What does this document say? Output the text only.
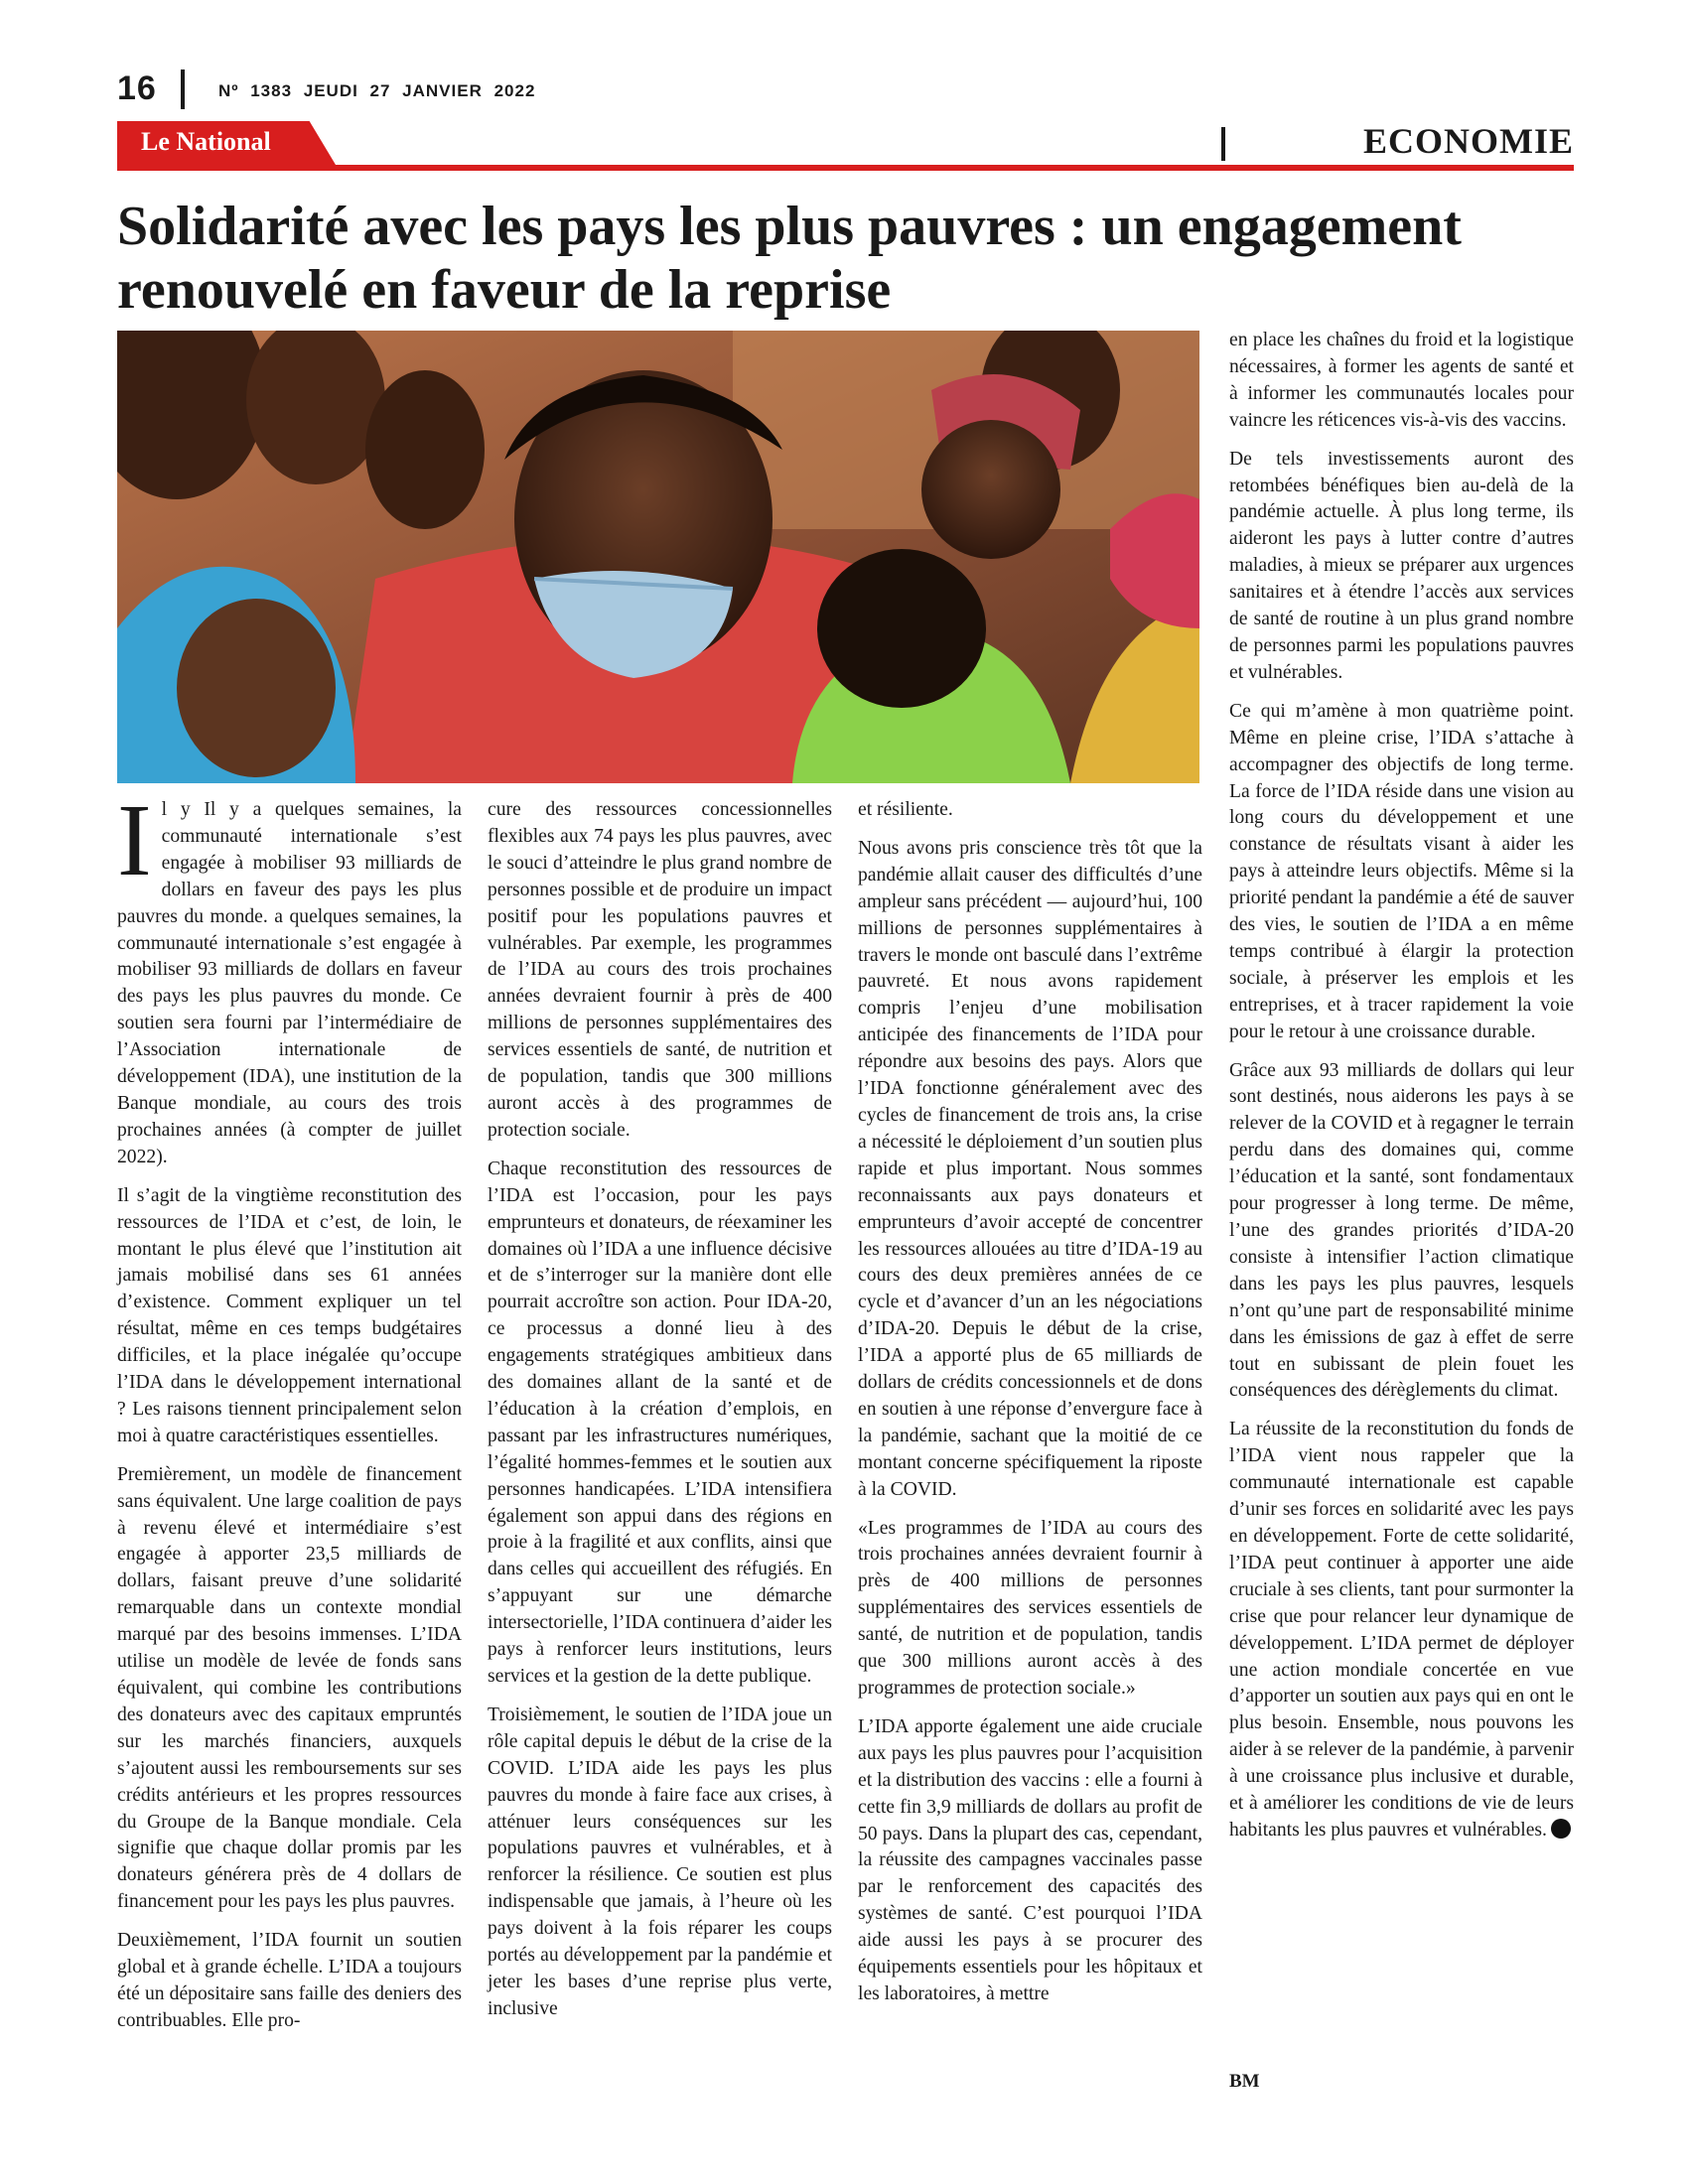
16	Nº 1383 JEUDI 27 JANVIER 2022
Le National	ECONOMIE
Solidarité avec les pays les plus pauvres : un engagement renouvelé en faveur de la reprise

Il y Il y a quelques semaines, la communauté internationale s’est engagée à mobiliser 93 milliards de dollars en faveur des pays les plus pauvres du monde. a quelques semaines, la communauté internationale s’est engagée à mobiliser 93 milliards de dollars en faveur des pays les plus pauvres du monde. Ce soutien sera fourni par l’intermédiaire de l’Association internationale de développement (IDA), une institution de la Banque mondiale, au cours des trois prochaines années (à compter de juillet 2022).

Il s’agit de la vingtième reconstitution des ressources de l’IDA et c’est, de loin, le montant le plus élevé que l’institution ait jamais mobilisé dans ses 61 années d’existence. Comment expliquer un tel résultat, même en ces temps budgétaires difficiles, et la place inégalée qu’occupe l’IDA dans le développement international ? Les raisons tiennent principalement selon moi à quatre caractéristiques essentielles.

Premièrement, un modèle de financement sans équivalent. Une large coalition de pays à revenu élevé et intermédiaire s’est engagée à apporter 23,5 milliards de dollars, faisant preuve d’une solidarité remarquable dans un contexte mondial marqué par des besoins immenses. L’IDA utilise un modèle de levée de fonds sans équivalent, qui combine les contributions des donateurs avec des capitaux empruntés sur les marchés financiers, auxquels s’ajoutent aussi les remboursements sur ses crédits antérieurs et les propres ressources du Groupe de la Banque mondiale. Cela signifie que chaque dollar promis par les donateurs générera près de 4 dollars de financement pour les pays les plus pauvres.

Deuxièmement, l’IDA fournit un soutien global et à grande échelle. L’IDA a toujours été un dépositaire sans faille des deniers des contribuables. Elle pro-

cure des ressources concessionnelles flexibles aux 74 pays les plus pauvres, avec le souci d’atteindre le plus grand nombre de personnes possible et de produire un impact positif pour les populations pauvres et vulnérables. Par exemple, les programmes de l’IDA au cours des trois prochaines années devraient fournir à près de 400 millions de personnes supplémentaires des services essentiels de santé, de nutrition et de population, tandis que 300 millions auront accès à des programmes de protection sociale.

Chaque reconstitution des ressources de l’IDA est l’occasion, pour les pays emprunteurs et donateurs, de réexaminer les domaines où l’IDA a une influence décisive et de s’interroger sur la manière dont elle pourrait accroître son action. Pour IDA-20, ce processus a donné lieu à des engagements stratégiques ambitieux dans des domaines allant de la santé et de l’éducation à la création d’emplois, en passant par les infrastructures numériques, l’égalité hommes-femmes et le soutien aux personnes handicapées. L’IDA intensifiera également son appui dans des régions en proie à la fragilité et aux conflits, ainsi que dans celles qui accueillent des réfugiés. En s’appuyant sur une démarche intersectorielle, l’IDA continuera d’aider les pays à renforcer leurs institutions, leurs services et la gestion de la dette publique.

Troisièmement, le soutien de l’IDA joue un rôle capital depuis le début de la crise de la COVID. L’IDA aide les pays les plus pauvres du monde à faire face aux crises, à atténuer leurs conséquences sur les populations pauvres et vulnérables, et à renforcer la résilience. Ce soutien est plus indispensable que jamais, à l’heure où les pays doivent à la fois réparer les coups portés au développement par la pandémie et jeter les bases d’une reprise plus verte, inclusive

et résiliente.

Nous avons pris conscience très tôt que la pandémie allait causer des difficultés d’une ampleur sans précédent — aujourd’hui, 100 millions de personnes supplémentaires à travers le monde ont basculé dans l’extrême pauvreté. Et nous avons rapidement compris l’enjeu d’une mobilisation anticipée des financements de l’IDA pour répondre aux besoins des pays. Alors que l’IDA fonctionne généralement avec des cycles de financement de trois ans, la crise a nécessité le déploiement d’un soutien plus rapide et plus important. Nous sommes reconnaissants aux pays donateurs et emprunteurs d’avoir accepté de concentrer les ressources allouées au titre d’IDA-19 au cours des deux premières années de ce cycle et d’avancer d’un an les négociations d’IDA-20. Depuis le début de la crise, l’IDA a apporté plus de 65 milliards de dollars de crédits concessionnels et de dons en soutien à une réponse d’envergure face à la pandémie, sachant que la moitié de ce montant concerne spécifiquement la riposte à la COVID.

«Les programmes de l’IDA au cours des trois prochaines années devraient fournir à près de 400 millions de personnes supplémentaires des services essentiels de santé, de nutrition et de population, tandis que 300 millions auront accès à des programmes de protection sociale.»

L’IDA apporte également une aide cruciale aux pays les plus pauvres pour l’acquisition et la distribution des vaccins : elle a fourni à cette fin 3,9 milliards de dollars au profit de 50 pays. Dans la plupart des cas, cependant, la réussite des campagnes vaccinales passe par le renforcement des capacités des systèmes de santé. C’est pourquoi l’IDA aide aussi les pays à se procurer des équipements essentiels pour les hôpitaux et les laboratoires, à mettre

en place les chaînes du froid et la logistique nécessaires, à former les agents de santé et à informer les communautés locales pour vaincre les réticences vis-à-vis des vaccins.

De tels investissements auront des retombées bénéfiques bien au-delà de la pandémie actuelle. À plus long terme, ils aideront les pays à lutter contre d’autres maladies, à mieux se préparer aux urgences sanitaires et à étendre l’accès aux services de santé de routine à un plus grand nombre de personnes parmi les populations pauvres et vulnérables.

Ce qui m’amène à mon quatrième point. Même en pleine crise, l’IDA s’attache à accompagner des objectifs de long terme. La force de l’IDA réside dans une vision au long cours du développement et une constance de résultats visant à aider les pays à atteindre leurs objectifs. Même si la priorité pendant la pandémie a été de sauver des vies, le soutien de l’IDA a en même temps contribué à élargir la protection sociale, à préserver les emplois et les entreprises, et à tracer rapidement la voie pour le retour à une croissance durable.

Grâce aux 93 milliards de dollars qui leur sont destinés, nous aiderons les pays à se relever de la COVID et à regagner le terrain perdu dans des domaines qui, comme l’éducation et la santé, sont fondamentaux pour progresser à long terme. De même, l’une des grandes priorités d’IDA-20 consiste à intensifier l’action climatique dans les pays les plus pauvres, lesquels n’ont qu’une part de responsabilité minime dans les émissions de gaz à effet de serre tout en subissant de plein fouet les conséquences des dérèglements du climat.

La réussite de la reconstitution du fonds de l’IDA vient nous rappeler que la communauté internationale est capable d’unir ses forces en solidarité avec les pays en développement. Forte de cette solidarité, l’IDA peut continuer à apporter une aide cruciale à ses clients, tant pour surmonter la crise que pour relancer leur dynamique de développement. L’IDA permet de déployer une action mondiale concertée en vue d’apporter un soutien aux pays qui en ont le plus besoin. Ensemble, nous pouvons les aider à se relever de la pandémie, à parvenir à une croissance plus inclusive et durable, et à améliorer les conditions de vie de leurs habitants les plus pauvres et vulnérables.

BM
